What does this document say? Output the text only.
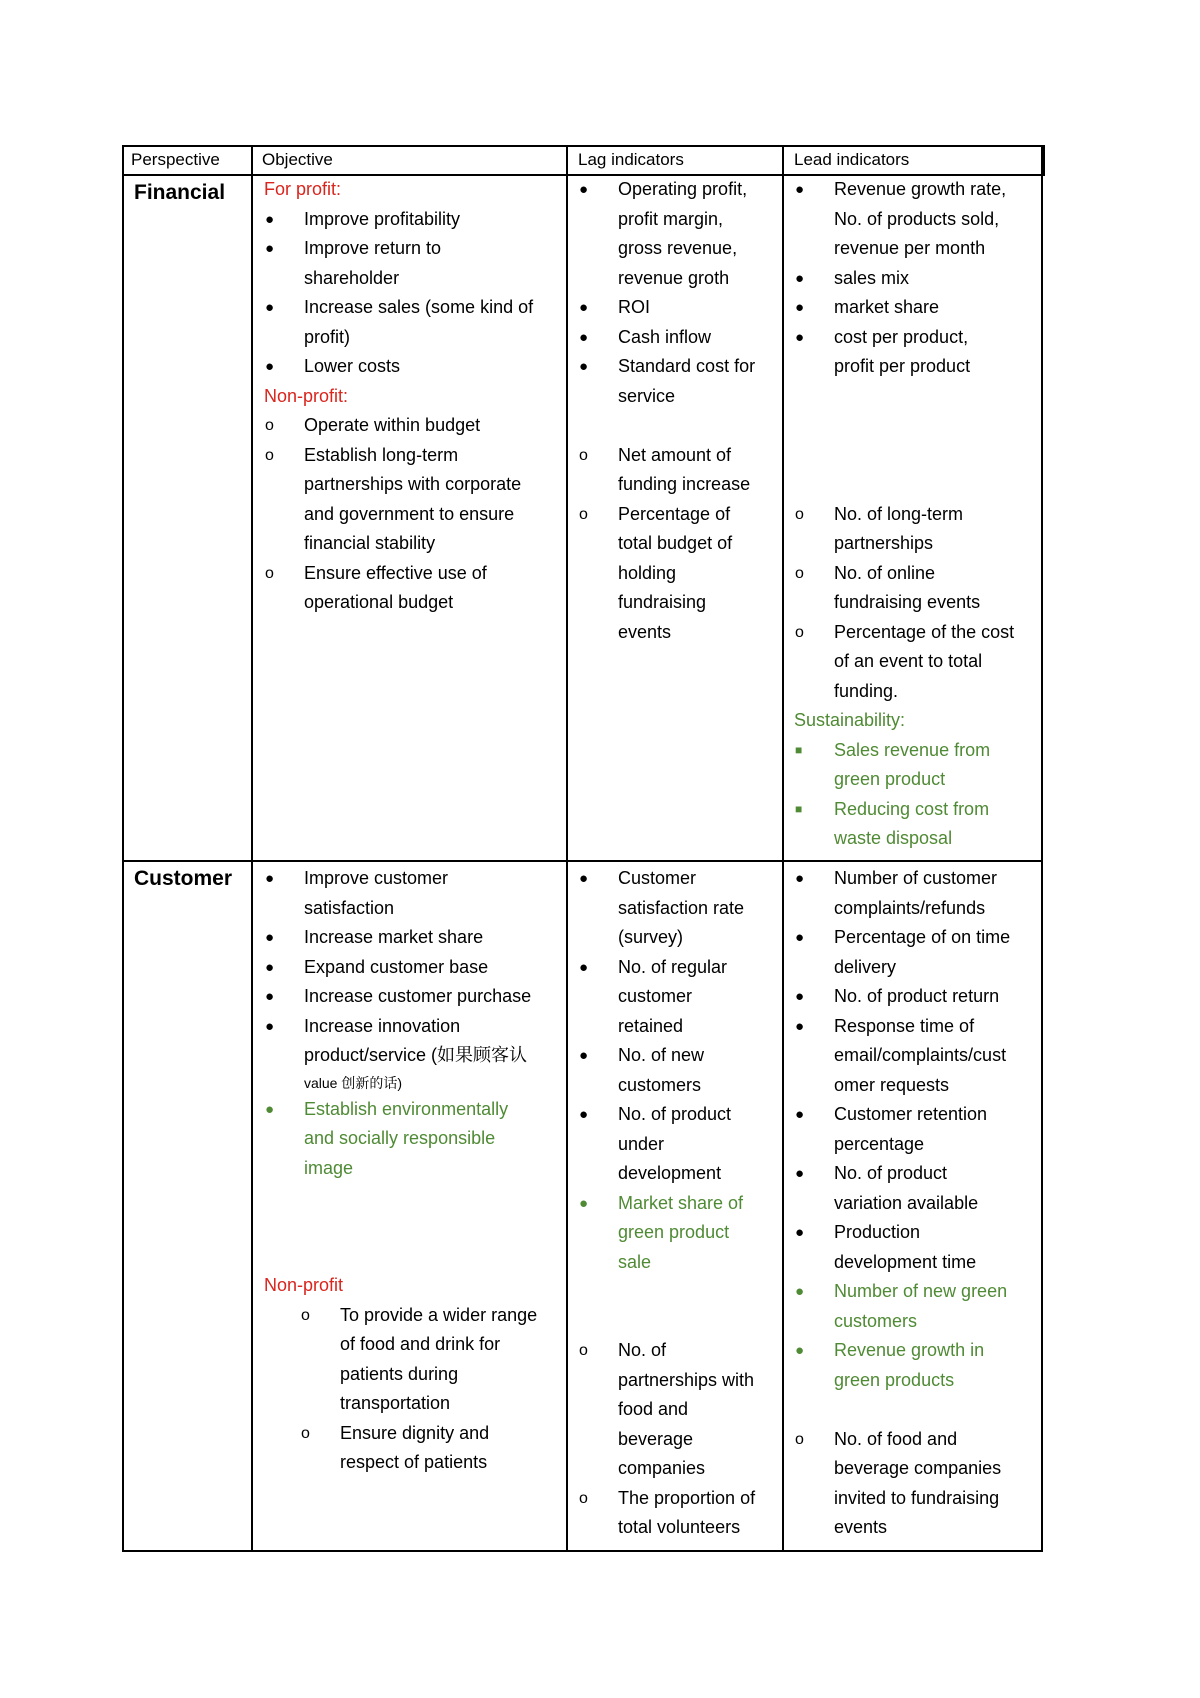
Perspective Objective	Lag indicators	Lead indicators
Financial For profit:
● Improve profitability
● Improve return to
shareholder
● Increase sales (some kind of
profit)
● Lower costs
Non-profit:
o Operate within budget
o Establish long-term
partnerships with corporate
and government to ensure
financial stability
o Ensure effective use of
operational budget
● Operating profit,
profit margin,
gross revenue,
revenue groth
● ROI
● Cash inflow
● Standard cost for
service
o Net amount of
funding increase
o Percentage of
total budget of
holding
fundraising
events
● Revenue growth rate,
No. of products sold,
revenue per month
● sales mix
● market share
● cost per product,
profit per product
o No. of long-term
partnerships
o No. of online
fundraising events
o Percentage of the cost
of an event to total
funding.
Sustainability:
■ Sales revenue from
green product
■ Reducing cost from
waste disposal
Customer ● Improve customer
satisfaction
● Increase market share
● Expand customer base
● Increase customer purchase
● Increase innovation
product/service (如果顾客认
value 创新的话)
● Establish environmentally
and socially responsible
image
Non-profit
o To provide a wider range
of food and drink for
patients during
transportation
o Ensure dignity and
respect of patients
● Customer
satisfaction rate
(survey)
● No. of regular
customer
retained
● No. of new
customers
● No. of product
under
development
● Market share of
green product
sale
o No. of
partnerships with
food and
beverage
companies
o The proportion of
total volunteers
● Number of customer
complaints/refunds
● Percentage of on time
delivery
● No. of product return
● Response time of
email/complaints/cust
omer requests
● Customer retention
percentage
● No. of product
variation available
● Production
development time
● Number of new green
customers
● Revenue growth in
green products
o No. of food and
beverage companies
invited to fundraising
events
